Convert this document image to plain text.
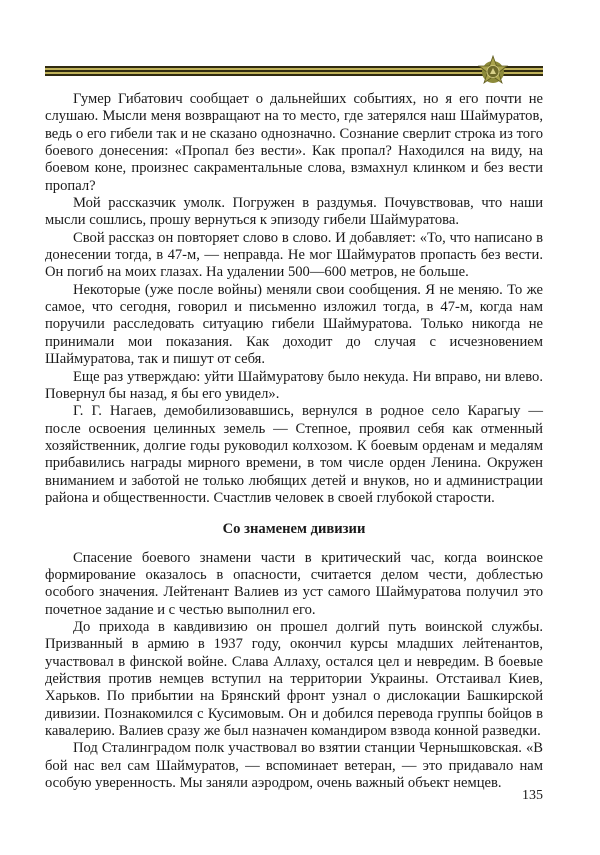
Гумер Гибатович сообщает о дальнейших событиях, но я его почти не слушаю. Мысли меня возвращают на то место, где затерялся наш Шаймуратов, ведь о его гибели так и не сказано однозначно. Сознание сверлит строка из того боевого донесения: «Пропал без вести». Как пропал? Находился на виду, на боевом коне, произнес сакраментальные слова, взмахнул клинком и без вести пропал?

Мой рассказчик умолк. Погружен в раздумья. Почувствовав, что наши мысли сошлись, прошу вернуться к эпизоду гибели Шаймуратова.

Свой рассказ он повторяет слово в слово. И добавляет: «То, что написано в донесении тогда, в 47-м, — неправда. Не мог Шаймуратов пропасть без вести. Он погиб на моих глазах. На удалении 500—600 метров, не больше.

Некоторые (уже после войны) меняли свои сообщения. Я не меняю. То же самое, что сегодня, говорил и письменно изложил тогда, в 47-м, когда нам поручили расследовать ситуацию гибели Шаймуратова. Только никогда не принимали мои показания. Как доходит до случая с исчезновением Шаймуратова, так и пишут от себя.

Еще раз утверждаю: уйти Шаймуратову было некуда. Ни вправо, ни влево. Повернул бы назад, я бы его увидел».

Г. Г. Нагаев, демобилизовавшись, вернулся в родное село Карагыу — после освоения целинных земель — Степное, проявил себя как отменный хозяйственник, долгие годы руководил колхозом. К боевым орденам и медалям прибавились награды мирного времени, в том числе орден Ленина. Окружен вниманием и заботой не только любящих детей и внуков, но и администрации района и общественности. Счастлив человек в своей глубокой старости.

Со знаменем дивизии

Спасение боевого знамени части в критический час, когда воинское формирование оказалось в опасности, считается делом чести, доблестью особого значения. Лейтенант Валиев из уст самого Шаймуратова получил это почетное задание и с честью выполнил его.

До прихода в кавдивизию он прошел долгий путь воинской службы. Призванный в армию в 1937 году, окончил курсы младших лейтенантов, участвовал в финской войне. Слава Аллаху, остался цел и невредим. В боевые действия против немцев вступил на территории Украины. Отстаивал Киев, Харьков. По прибытии на Брянский фронт узнал о дислокации Башкирской дивизии. Познакомился с Кусимовым. Он и добился перевода группы бойцов в кавалерию. Валиев сразу же был назначен командиром взвода конной разведки.

Под Сталинградом полк участвовал во взятии станции Чернышковская. «В бой нас вел сам Шаймуратов, — вспоминает ветеран, — это придавало нам особую уверенность. Мы заняли аэродром, очень важный объект немцев.

135
